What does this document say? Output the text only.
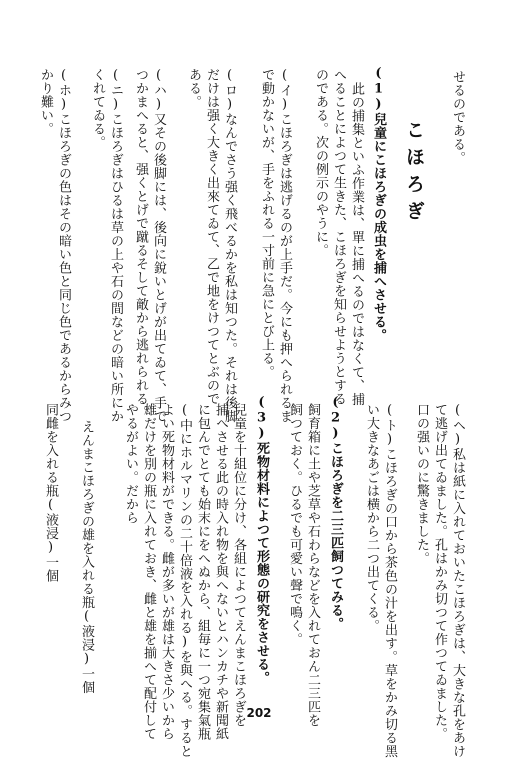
せるのである。
こほろぎ
(1)兒童にこほろぎの成虫を捕へさせる。
此の捕集といふ作業は、單に捕へるのではなくて、捕
へることによつて生きた、こほろぎを知らせようとする
のである。次の例示のやうに。
(イ)こほろぎは逃げるのが上手だ。今にも押へられるま
で動かないが、手をふれる一寸前に急にとび上る。
(ロ)なんでさう强く飛べるかを私は知つた。それは後脚
だけは强く大きく出來てゐて、乙で地をけつてとぶので
ある。
(ハ)又その後脚には、後向に銳いとげが出てゐて、手で
つかまへると、强くとげで蹴るそして敵から逃れられる。
(ニ)こほろぎはひるは草の上や石の間などの暗い所にか
くれてゐる。
(ホ)こほろぎの色はその暗い色と同じ色であるからみつ
かり難い。
(ヘ)私は紙に入れておいたこほろぎは、大きな孔をあけ
て逃げ出てゐました。孔はかみ切つて作つてゐました。
口の强いのに驚きました。
(ト)こほろぎの口から茶色の汁を出す。草をかみ切る黑
い大きなあごは横から二つ出てくる。
(2)こほろぎを二三匹飼つてみる。
飼育箱に土や芝草や石わらなどを入れておん二三匹を
飼つておく。ひるでも可愛い聲で鳴く。
(3)死物材料によつて形態の研究をさせる。
兒童を十組位に分け、各組によつてえんまこほろぎを
捕へさせる此の時入れ物を與へないとハンカチや新聞紙
に包んでとても始末にをへぬから、組毎に一つ宛集氣瓶
(中にホルマリンの二十倍液を入れる)を與へる。すると
よい死物材料ができる。雌が多いが雄は大きさ少いから
雄だけを別の瓶に入れておき、雌と雄を揃へて配付して
やるがよい。だから
えんまこほろぎの雄を入れる瓶(液浸)一個
同雌を入れる瓶(液浸)一個
202
